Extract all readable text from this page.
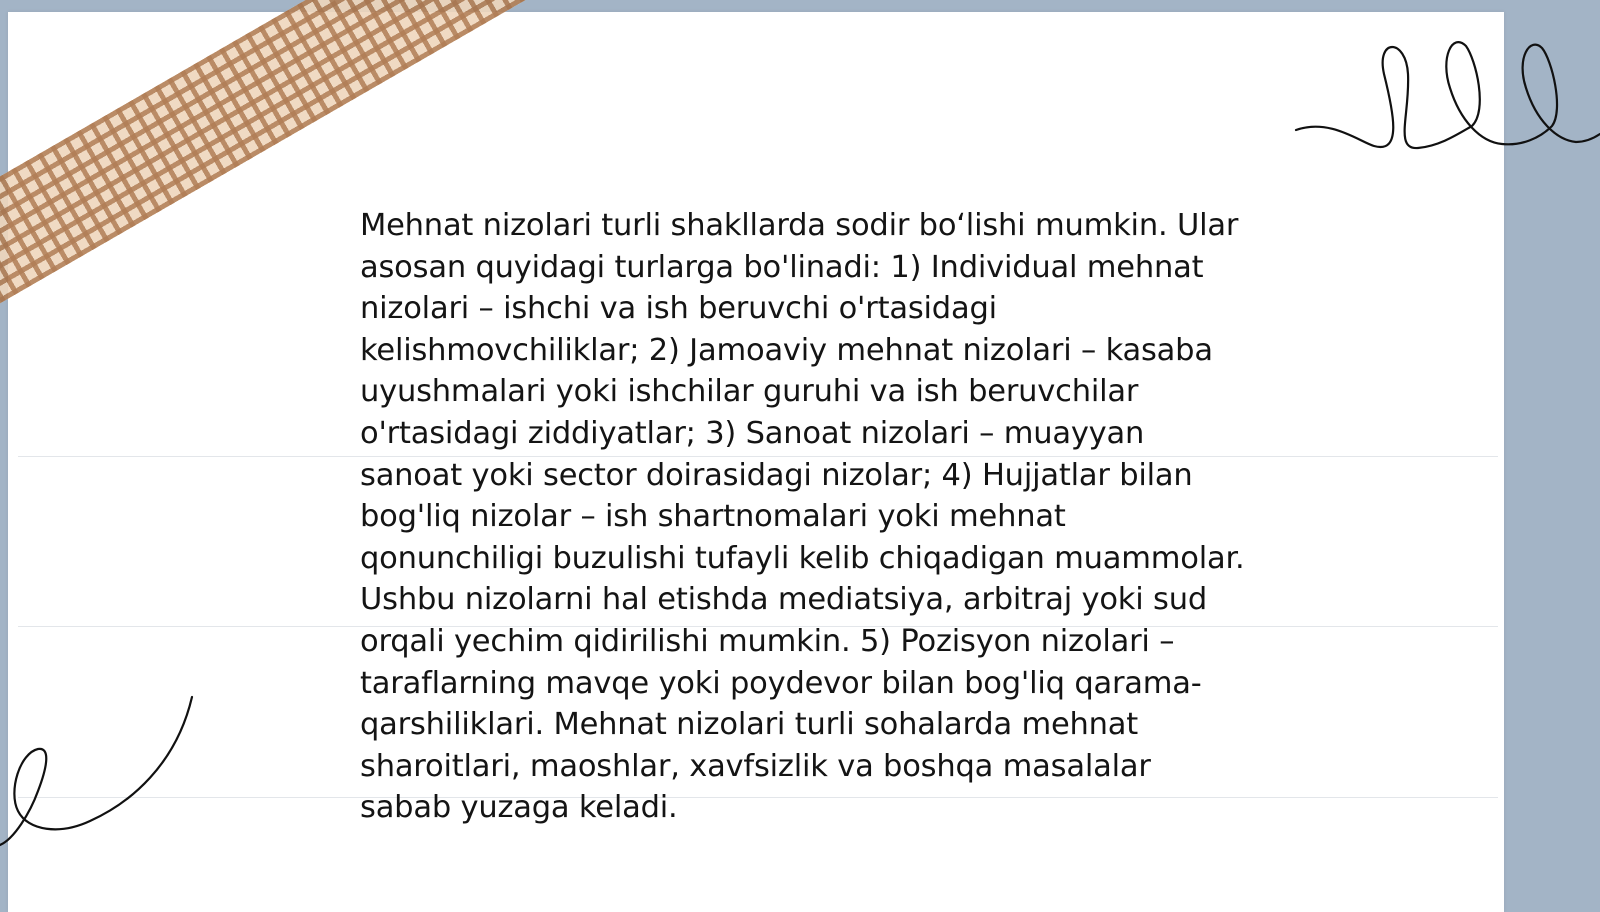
Mehnat nizolari turli shakllarda sodir boʻlishi mumkin. Ular asosan quyidagi turlarga bo'linadi: 1) Individual mehnat nizolari – ishchi va ish beruvchi o'rtasidagi kelishmovchiliklar; 2) Jamoaviy mehnat nizolari – kasaba uyushmalari yoki ishchilar guruhi va ish beruvchilar o'rtasidagi ziddiyatlar; 3) Sanoat nizolari – muayyan sanoat yoki sector doirasidagi nizolar; 4) Hujjatlar bilan bog'liq nizolar – ish shartnomalari yoki mehnat qonunchiligi buzulishi tufayli kelib chiqadigan muammolar. Ushbu nizolarni hal etishda mediatsiya, arbitraj yoki sud orqali yechim qidirilishi mumkin. 5) Pozisyon nizolari – taraflarning mavqe yoki poydevor bilan bog'liq qarama-qarshiliklari. Mehnat nizolari turli sohalarda mehnat sharoitlari, maoshlar, xavfsizlik va boshqa masalalar sabab yuzaga keladi.
